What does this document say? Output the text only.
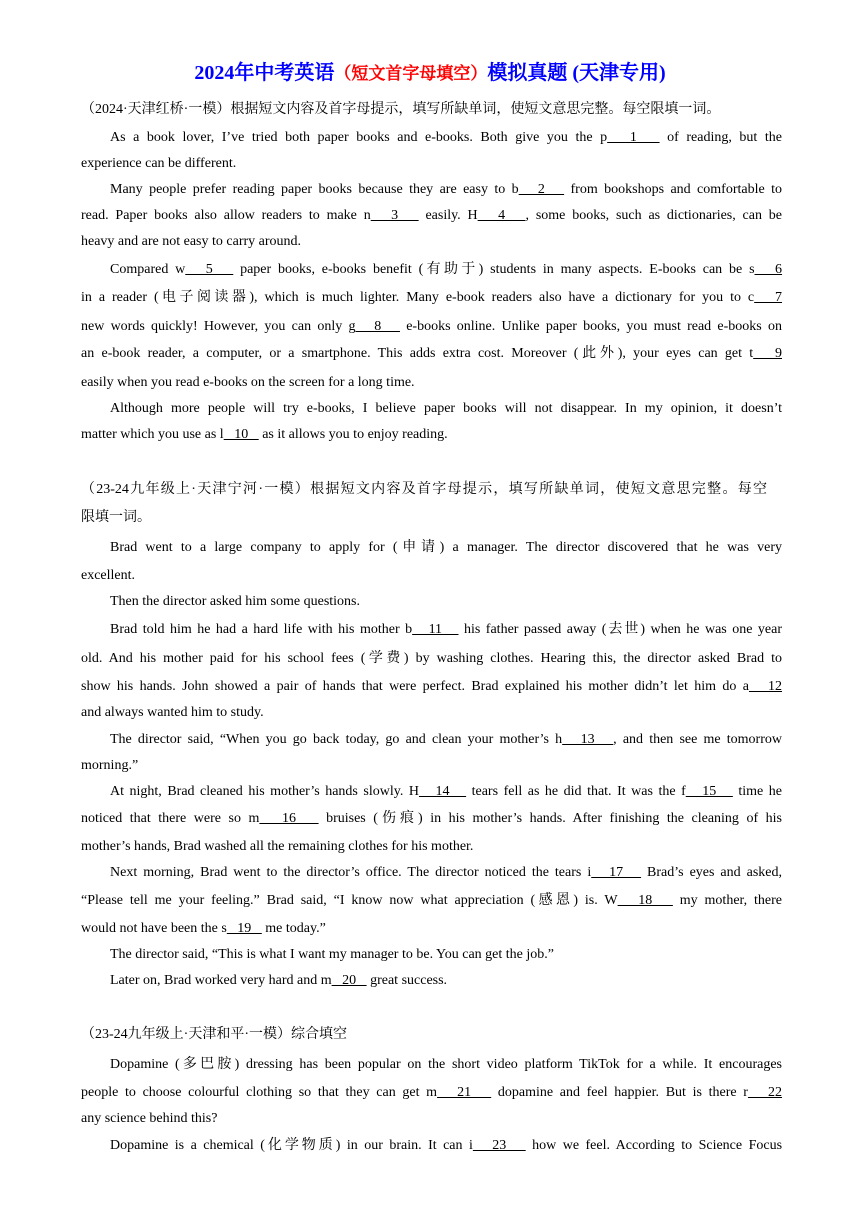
2024年中考英语（短文首字母填空）模拟真题 (天津专用)
（2024·天津红桥·一模）根据短文内容及首字母提示，填写所缺单词，使短文意思完整。每空限填一词。
As a book lover, I’ve tried both paper books and e-books. Both give you the p   1    of reading, but the
experience can be different.
Many people prefer reading paper books because they are easy to b   2    from bookshops and comfortable to
read. Paper books also allow readers to make n   3    easily. H   4   , some books, such as dictionaries, can be
heavy and are not easy to carry around.
Compared w   5    paper books, e-books benefit (有助于) students in many aspects. E-books can be s   6
in a reader (电子阅读器), which is much lighter. Many e-book readers also have a dictionary for you to c   7
new words quickly! However, you can only g   8    e-books online. Unlike paper books, you must read e-books on
an e-book reader, a computer, or a smartphone. This adds extra cost. Moreover (此外), your eyes can get t   9
easily when you read e-books on the screen for a long time.
Although more people will try e-books, I believe paper books will not disappear. In my opinion, it doesn’t
matter which you use as l   10    as it allows you to enjoy reading.
（23-24九年级上·天津宁河·一模）根据短文内容及首字母提示，填写所缺单词，使短文意思完整。每空
限填一词。
Brad went to a large company to apply for (申请) a manager. The director discovered that he was very
excellent.
Then the director asked him some questions.
Brad told him he had a hard life with his mother b   11    his father passed away (去世) when he was one year
old. And his mother paid for his school fees (学费) by washing clothes. Hearing this, the director asked Brad to
show his hands. John showed a pair of hands that were perfect. Brad explained his mother didn’t let him do a   12
and always wanted him to study.
The director said, “When you go back today, go and clean your mother’s h   13   , and then see me tomorrow
morning.”
At night, Brad cleaned his mother’s hands slowly. H   14    tears fell as he did that. It was the f   15    time he
noticed that there were so m   16    bruises (伤痕) in his mother’s hands. After finishing the cleaning of his
mother’s hands, Brad washed all the remaining clothes for his mother.
Next morning, Brad went to the director’s office. The director noticed the tears i   17    Brad’s eyes and asked,
“Please tell me your feeling.” Brad said, “I know now what appreciation (感恩) is. W   18    my mother, there
would not have been the s   19    me today.”
The director said, “This is what I want my manager to be. You can get the job.”
Later on, Brad worked very hard and m   20    great success.
（23-24九年级上·天津和平·一模）综合填空
Dopamine (多巴胺) dressing has been popular on the short video platform TikTok for a while. It encourages
people to choose colourful clothing so that they can get m   21    dopamine and feel happier. But is there r   22
any science behind this?
Dopamine is a chemical (化学物质) in our brain. It can i   23    how we feel. According to Science Focus
